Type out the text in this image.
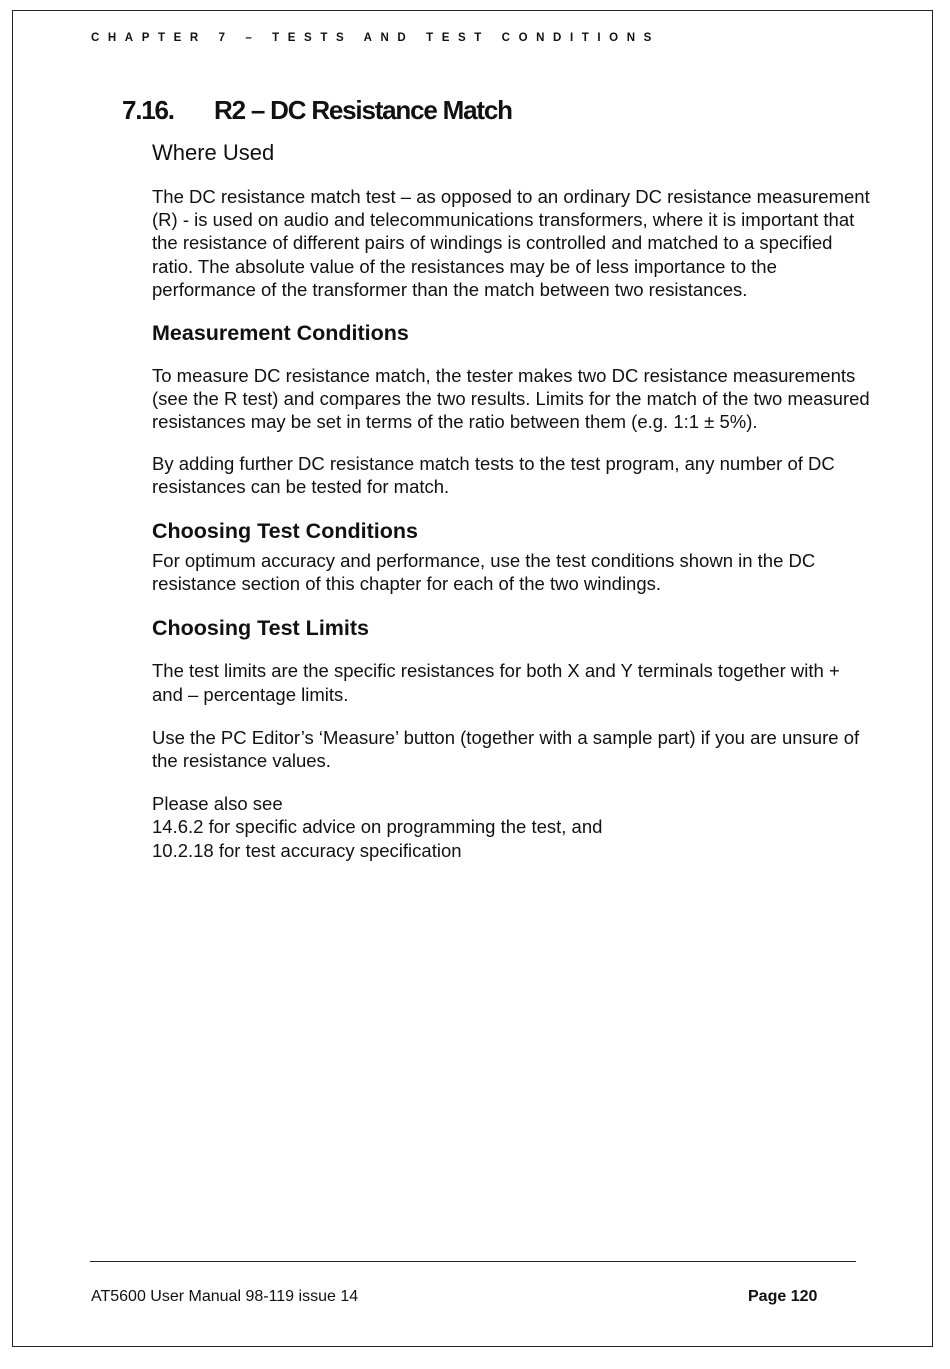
CHAPTER 7 – TESTS AND TEST CONDITIONS
7.16. R2 – DC Resistance Match
Where Used

The DC resistance match test – as opposed to an ordinary DC resistance measurement (R) - is used on audio and telecommunications transformers, where it is important that the resistance of different pairs of windings is controlled and matched to a specified ratio. The absolute value of the resistances may be of less importance to the performance of the transformer than the match between two resistances.

Measurement Conditions

To measure DC resistance match, the tester makes two DC resistance measurements (see the R test) and compares the two results. Limits for the match of the two measured resistances may be set in terms of the ratio between them (e.g. 1:1 ± 5%).

By adding further DC resistance match tests to the test program, any number of DC resistances can be tested for match.

Choosing Test Conditions

For optimum accuracy and performance, use the test conditions shown in the DC resistance section of this chapter for each of the two windings.

Choosing Test Limits

The test limits are the specific resistances for both X and Y terminals together with + and – percentage limits.

Use the PC Editor’s ‘Measure’ button (together with a sample part) if you are unsure of the resistance values.

Please also see
14.6.2 for specific advice on programming the test, and
10.2.18 for test accuracy specification

AT5600 User Manual 98-119 issue 14	Page 120
